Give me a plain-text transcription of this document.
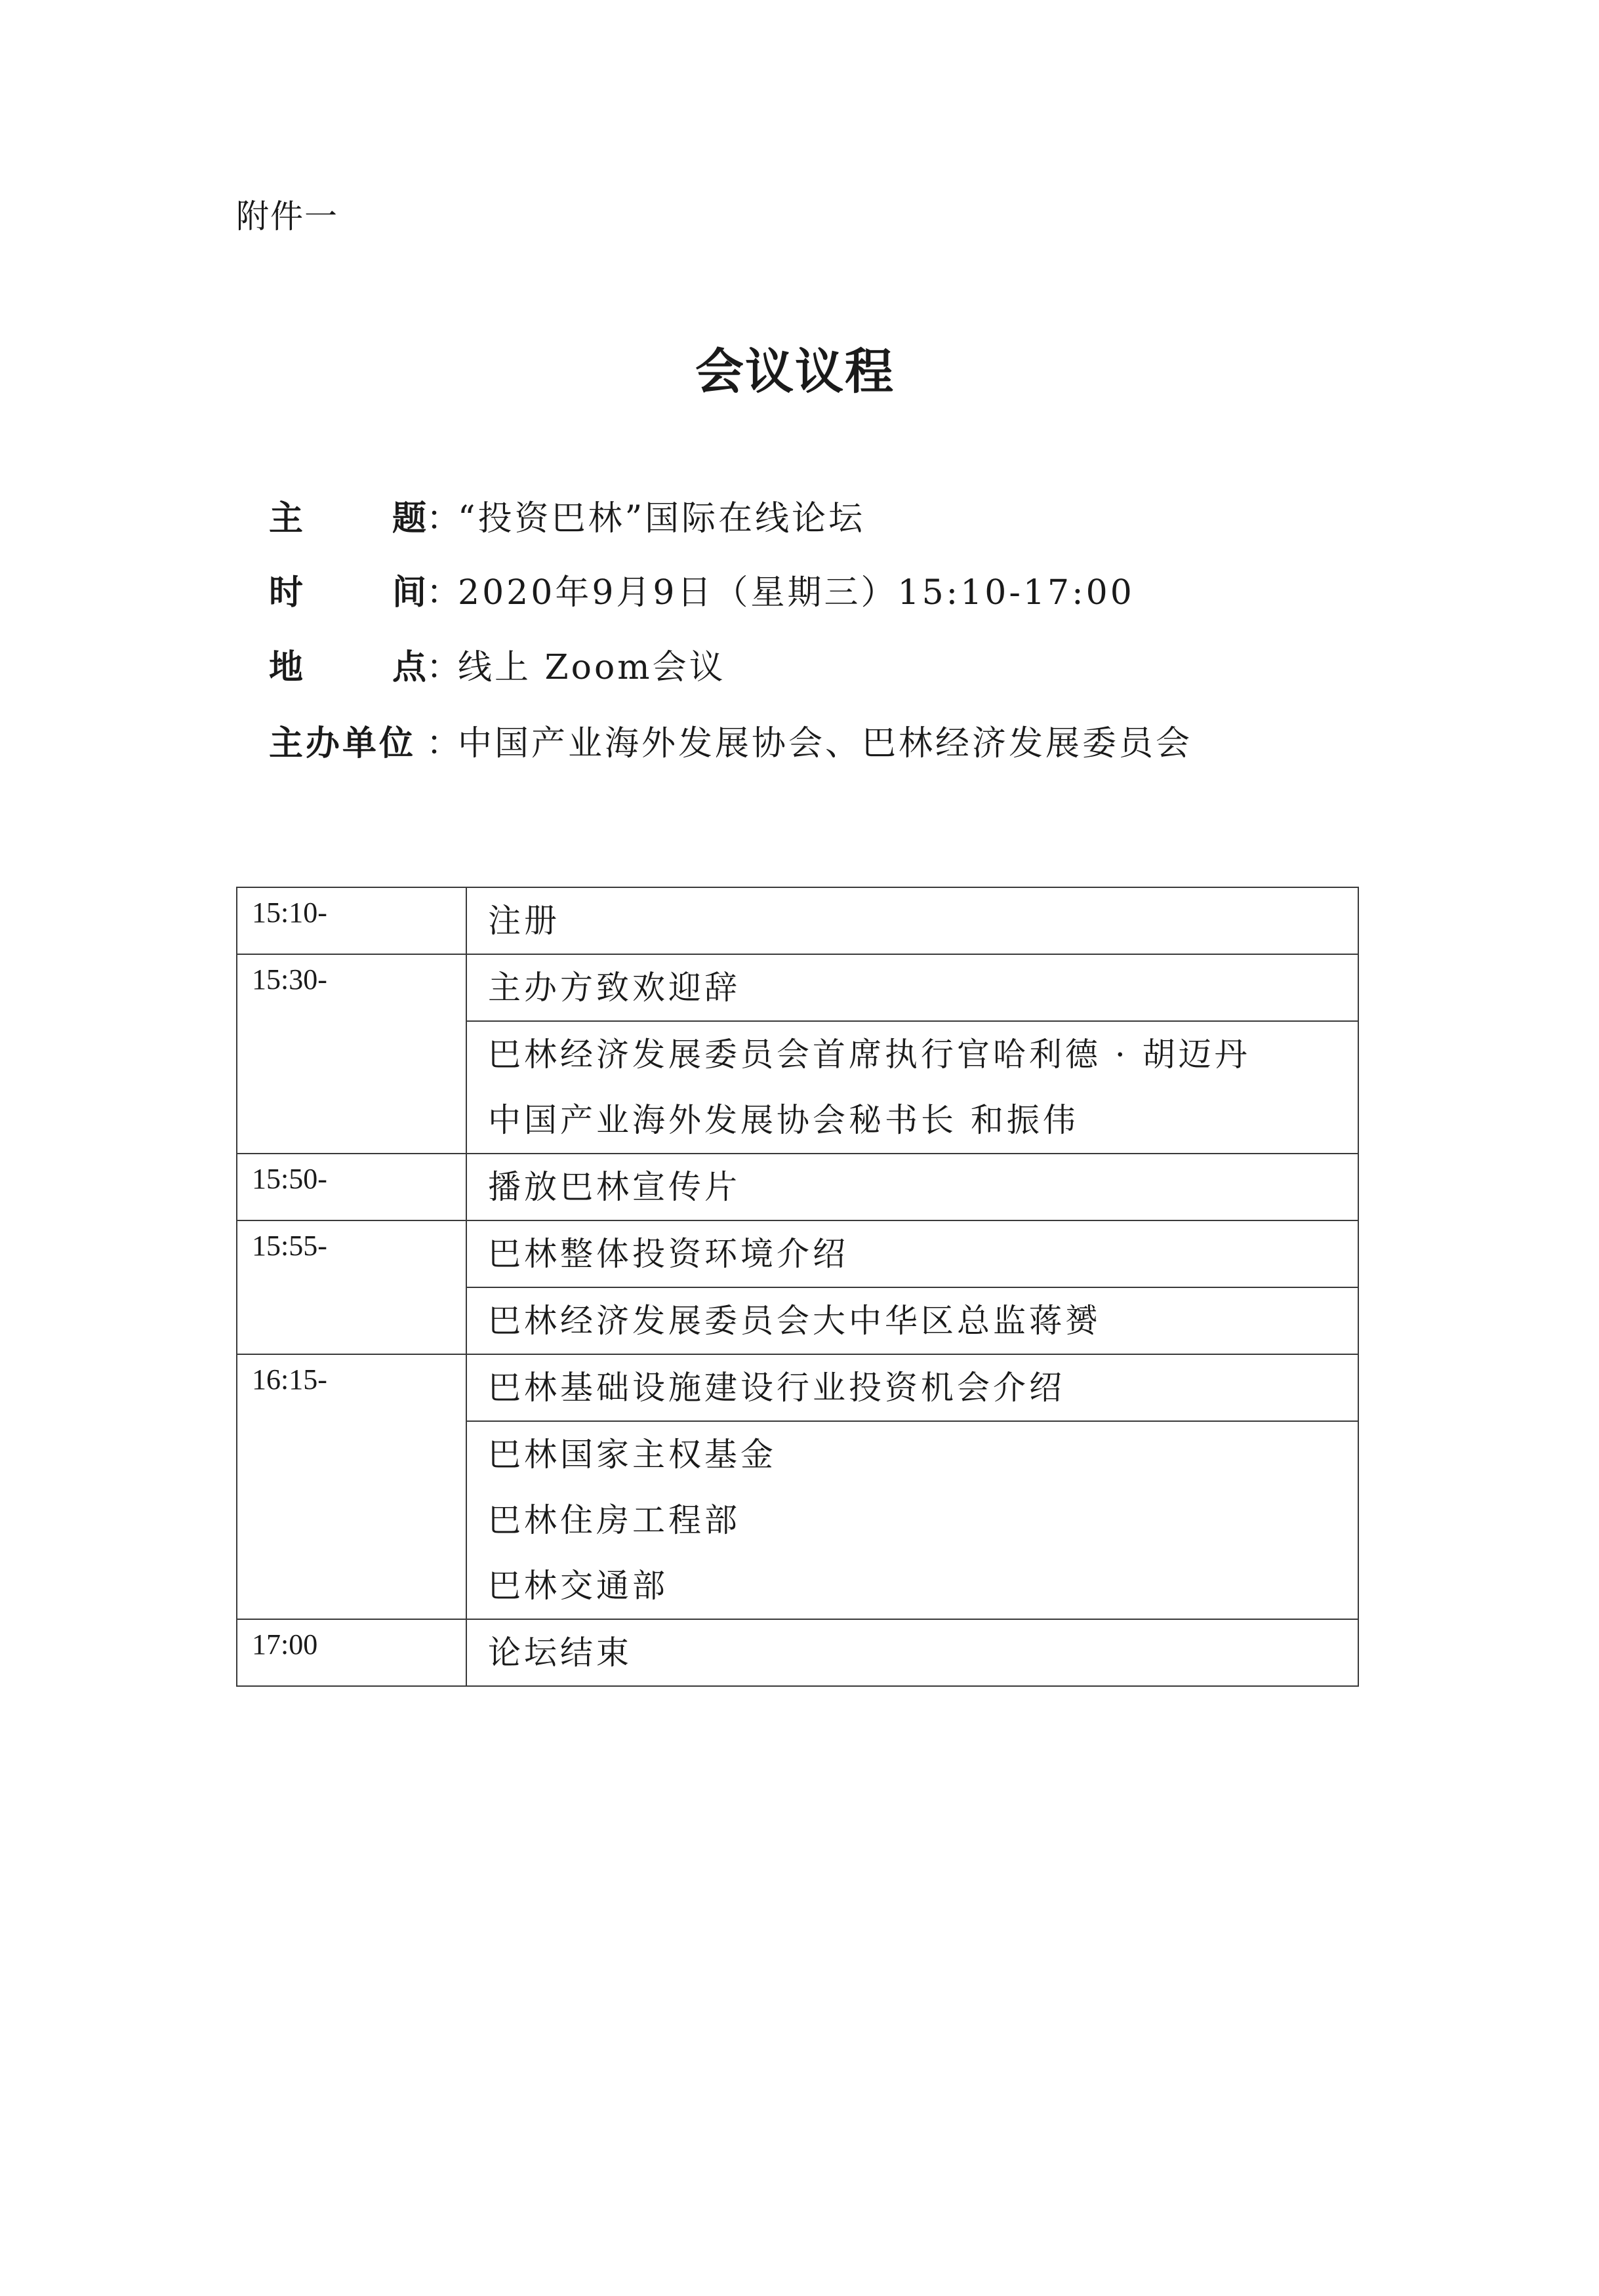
附件一
会议议程
主	题 ：
“投资巴林”国际在线论坛
时	间 ：
2020年9月9日（星期三）15:10-17:00
地	点 ：
线上 Zoom会议
主办单位 ：
中国产业海外发展协会、巴林经济发展委员会
15:10-	注册

15:30-	主办方致欢迎辞
巴林经济发展委员会首席执行官哈利德 · 胡迈丹
中国产业海外发展协会秘书长 和振伟

15:50-	播放巴林宣传片

15:55-	巴林整体投资环境介绍
巴林经济发展委员会大中华区总监蒋赟

16:15-	巴林基础设施建设行业投资机会介绍
巴林国家主权基金
巴林住房工程部
巴林交通部

17:00	论坛结束
